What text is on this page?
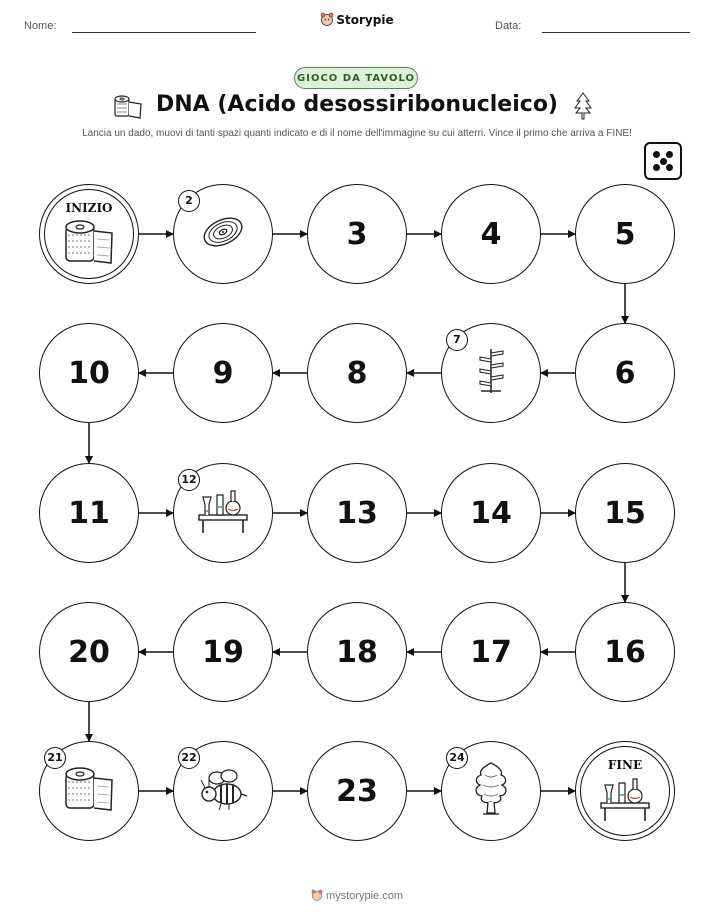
Nome:	Data:
Storypie
GIOCO DA TAVOLO
DNA (Acido desossiribonucleico)
Lancia un dado, muovi di tanti spazi quanti indicato e di il nome dell'immagine su cui atterri. Vince il primo che arriva a FINE!
INIZIO
2
3	4	5
6
7
8
9
10
11
12
13	14	15
16
17
18
19
20
21	22
23
24
FINE
mystorypie.com
